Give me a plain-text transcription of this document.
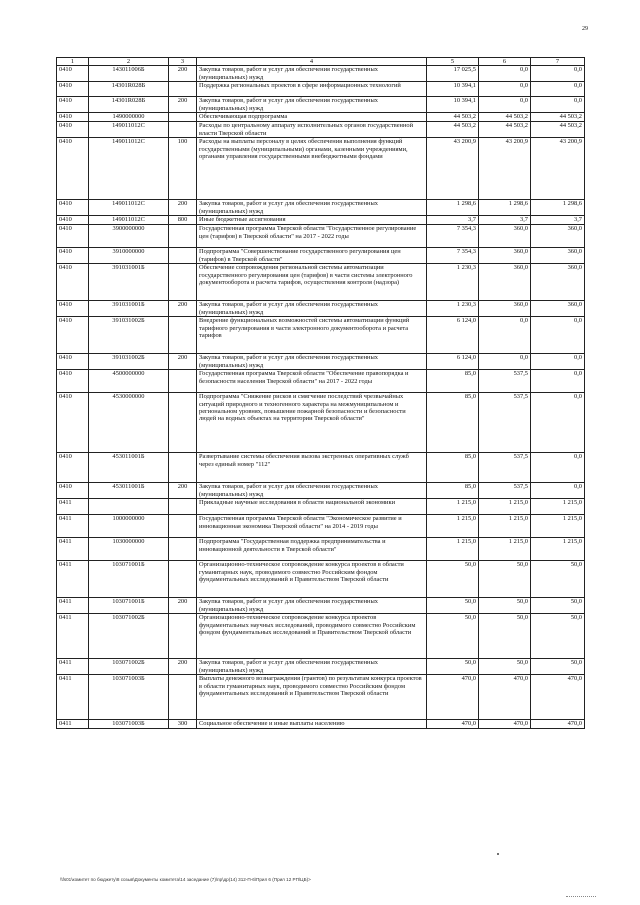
29
1	2	3	4	5	6	7
0410	143011006Б	200	Закупка товаров, работ и услуг для обеспечения государственных (муниципальных) нужд	17 025,5	0,0	0,0
0410	14301R028Б		Поддержка региональных проектов в сфере информационных технологий	10 394,1	0,0	0,0
0410	14301R028Б	200	Закупка товаров, работ и услуг для обеспечения государственных (муниципальных) нужд	10 394,1	0,0	0,0
0410	1490000000		Обеспечивающая подпрограмма	44 503,2	44 503,2	44 503,2
0410	149011012С		Расходы по центральному аппарату исполнительных органов государственной власти Тверской области	44 503,2	44 503,2	44 503,2
0410	149011012С	100	Расходы на выплаты персоналу в целях обеспечения выполнения функций государственными (муниципальными) органами, казенными учреждениями, органами управления государственными внебюджетными фондами	43 200,9	43 200,9	43 200,9
0410	149011012С	200	Закупка товаров, работ и услуг для обеспечения государственных (муниципальных) нужд	1 298,6	1 298,6	1 298,6
0410	149011012С	800	Иные бюджетные ассигнования	3,7	3,7	3,7
0410	3900000000		Государственная программа Тверской области "Государственное регулирование цен (тарифов) в Тверской области" на 2017 - 2022 годы	7 354,3	360,0	360,0
0410	3910000000		Подпрограмма "Совершенствование государственного регулирования цен (тарифов) в Тверской области"	7 354,3	360,0	360,0
0410	391031001Б		Обеспечение сопровождения региональной системы автоматизации государственного регулирования цен (тарифов) в части системы электронного документооборота и расчета тарифов, осуществления контроля (надзора)	1 230,3	360,0	360,0
0410	391031001Б	200	Закупка товаров, работ и услуг для обеспечения государственных (муниципальных) нужд	1 230,3	360,0	360,0
0410	391031002Б		Внедрение функциональных возможностей системы автоматизации функций тарифного регулирования в части электронного документооборота и расчета тарифов	6 124,0	0,0	0,0
0410	391031002Б	200	Закупка товаров, работ и услуг для обеспечения государственных (муниципальных) нужд	6 124,0	0,0	0,0
0410	4500000000		Государственная программа Тверской области "Обеспечение правопорядка и безопасности населения Тверской области" на 2017 - 2022 годы	85,0	537,5	0,0
0410	4530000000		Подпрограмма "Снижение рисков и смягчение последствий чрезвычайных ситуаций природного и техногенного характера на межмуниципальном и региональном уровнях, повышение пожарной безопасности и безопасности людей на водных объектах на территории Тверской области"	85,0	537,5	0,0
0410	453011001Б		Развертывание системы обеспечения вызова экстренных оперативных служб через единый номер "112"	85,0	537,5	0,0
0410	453011001Б	200	Закупка товаров, работ и услуг для обеспечения государственных (муниципальных) нужд	85,0	537,5	0,0
0411			Прикладные научные исследования в области национальной экономики	1 215,0	1 215,0	1 215,0
0411	1000000000		Государственная программа Тверской области "Экономическое развитие и инновационная экономика Тверской области" на 2014 - 2019 годы	1 215,0	1 215,0	1 215,0
0411	1030000000		Подпрограмма "Государственная поддержка предпринимательства и инновационной деятельности в Тверской области"	1 215,0	1 215,0	1 215,0
0411	103071001Б		Организационно-техническое сопровождение конкурса проектов в области гуманитарных наук, проводимого совместно Российским фондом фундаментальных исследований и Правительством Тверской области	50,0	50,0	50,0
0411	103071001Б	200	Закупка товаров, работ и услуг для обеспечения государственных (муниципальных) нужд	50,0	50,0	50,0
0411	103071002Б		Организационно-техническое сопровождение конкурса проектов фундаментальных научных исследований, проводимого совместно Российским фондом фундаментальных исследований и Правительством Тверской области	50,0	50,0	50,0
0411	103071002Б	200	Закупка товаров, работ и услуг для обеспечения государственных (муниципальных) нужд	50,0	50,0	50,0
0411	103071003Б		Выплаты денежного вознаграждения (грантов) по результатам конкурса проектов в области гуманитарных наук, проводимого совместно Российским фондом фундаментальных исследований и Правительством Тверской области	470,0	470,0	470,0
0411	103071003Б	300	Социальное обеспечение и иные выплаты населению	470,0	470,0	470,0
\\fs01\комитет по бюджету\8 созыв\Документы комитета\14 заседание (7)\пр\др(14) 312-П-6\Прил 6 (Прил 12 РП\ЦБ)>
